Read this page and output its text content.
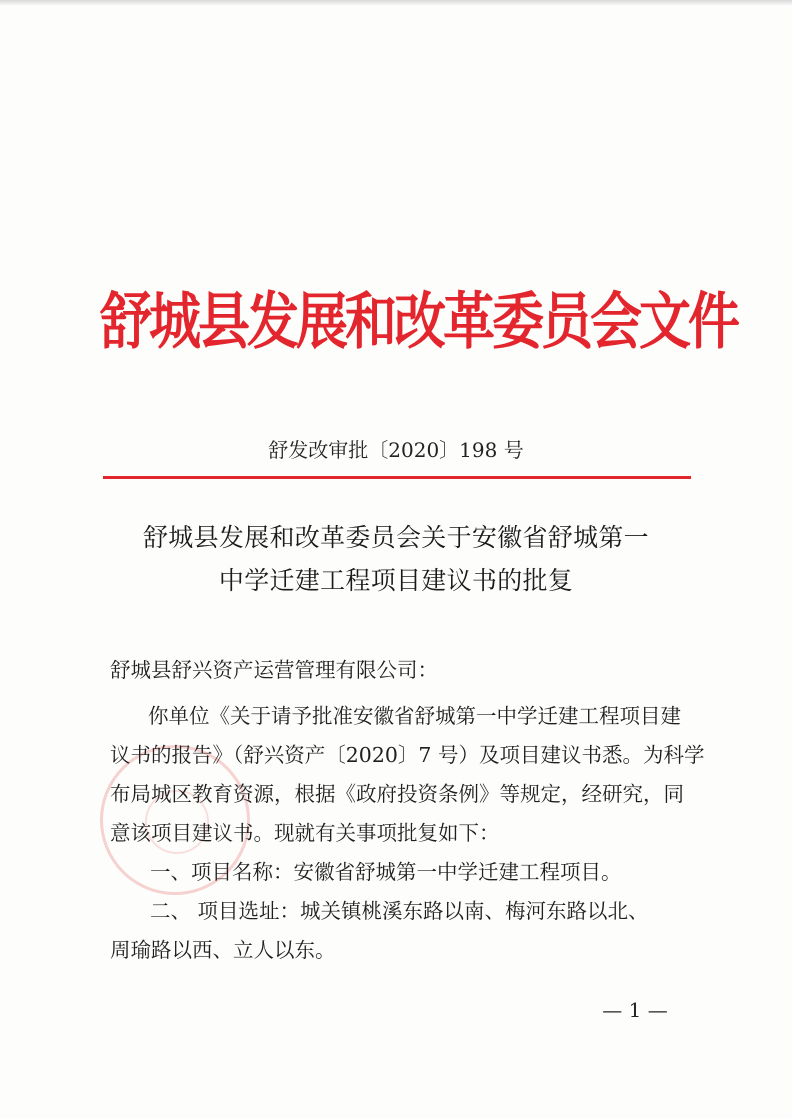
舒城县发展和改革委员会文件
舒发改审批〔2020〕198 号
舒城县发展和改革委员会关于安徽省舒城第一
中学迁建工程项目建议书的批复
舒城县舒兴资产运营管理有限公司：
你单位《关于请予批准安徽省舒城第一中学迁建工程项目建
议书的报告》（舒兴资产〔2020〕7 号）及项目建议书悉。为科学
布局城区教育资源，根据《政府投资条例》等规定，经研究，同
意该项目建议书。现就有关事项批复如下：
一、项目名称：安徽省舒城第一中学迁建工程项目。
二、 项目选址：城关镇桃溪东路以南、梅河东路以北、
周瑜路以西、立人以东。
— 1 —
